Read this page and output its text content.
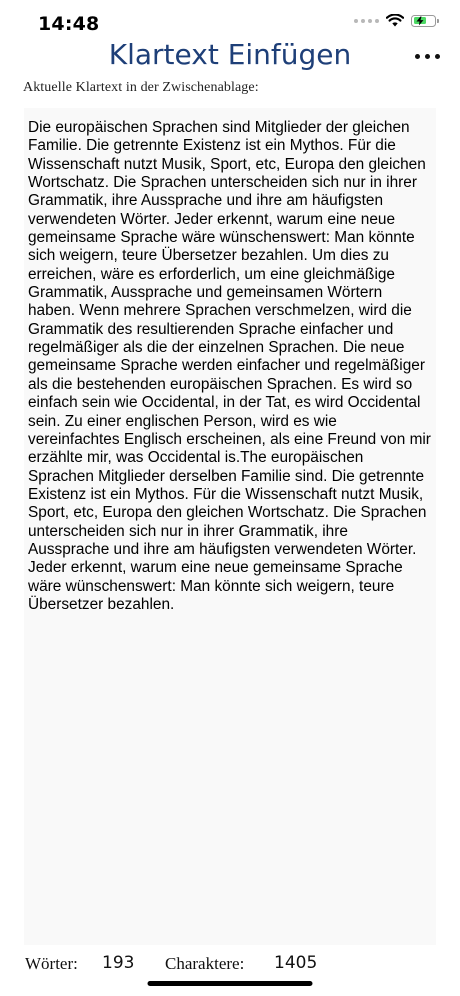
14:48
Klartext Einfügen
Aktuelle Klartext in der Zwischenablage:

Die europäischen Sprachen sind Mitglieder der gleichen Familie. Die getrennte Existenz ist ein Mythos. Für die Wissenschaft nutzt Musik, Sport, etc, Europa den gleichen Wortschatz. Die Sprachen unterscheiden sich nur in ihrer Grammatik, ihre Aussprache und ihre am häufigsten verwendeten Wörter. Jeder erkennt, warum eine neue gemeinsame Sprache wäre wünschenswert: Man könnte sich weigern, teure Übersetzer bezahlen. Um dies zu erreichen, wäre es erforderlich, um eine gleichmäßige Grammatik, Aussprache und gemeinsamen Wörtern haben. Wenn mehrere Sprachen verschmelzen, wird die Grammatik des resultierenden Sprache einfacher und regelmäßiger als die der einzelnen Sprachen. Die neue gemeinsame Sprache werden einfacher und regelmäßiger als die bestehenden europäischen Sprachen. Es wird so einfach sein wie Occidental, in der Tat, es wird Occidental sein. Zu einer englischen Person, wird es wie vereinfachtes Englisch erscheinen, als eine Freund von mir erzählte mir, was Occidental is.The europäischen Sprachen Mitglieder derselben Familie sind. Die getrennte Existenz ist ein Mythos. Für die Wissenschaft nutzt Musik, Sport, etc, Europa den gleichen Wortschatz. Die Sprachen unterscheiden sich nur in ihrer Grammatik, ihre Aussprache und ihre am häufigsten verwendeten Wörter. Jeder erkennt, warum eine neue gemeinsame Sprache wäre wünschenswert: Man könnte sich weigern, teure Übersetzer bezahlen.

Wörter: 193 Charaktere: 1405
